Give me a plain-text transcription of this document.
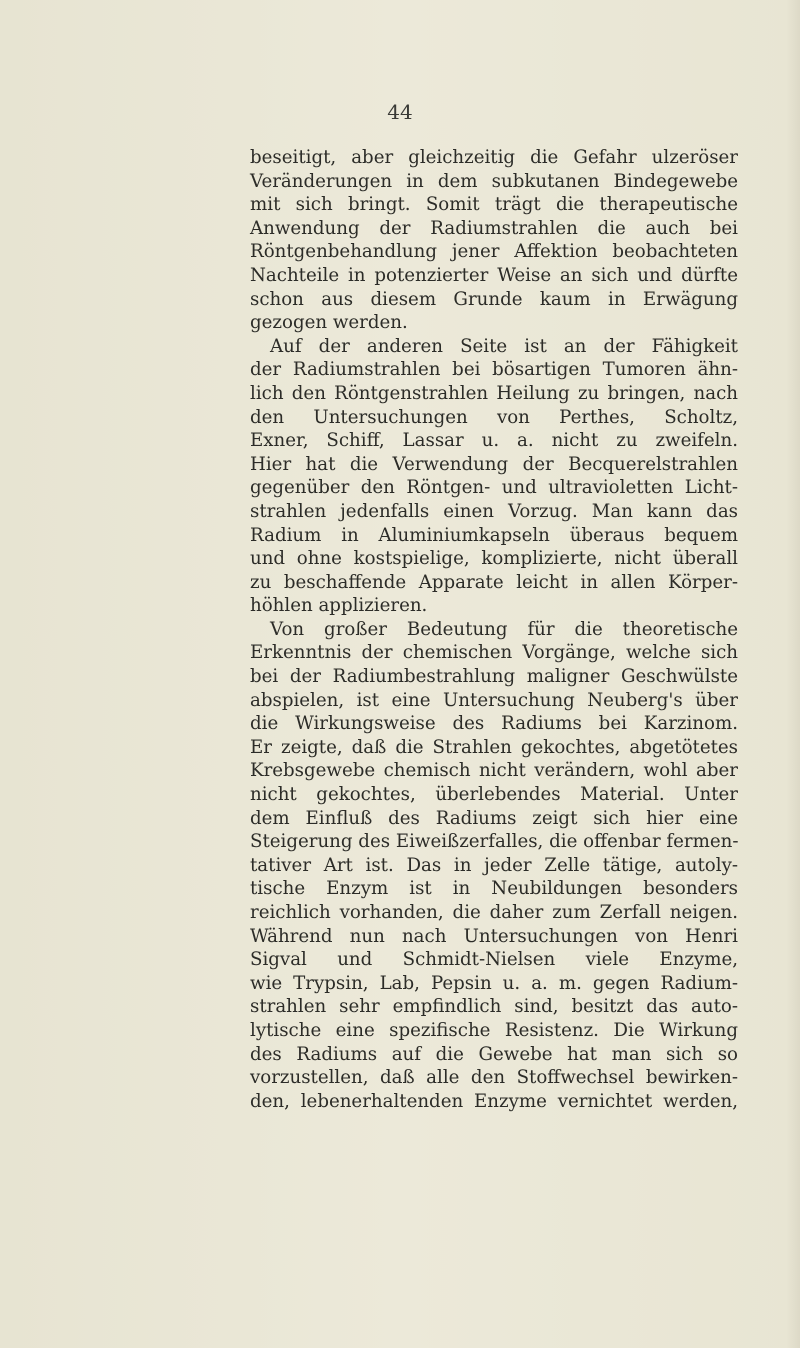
44

beseitigt, aber gleichzeitig die Gefahr ulzeröser
Veränderungen in dem subkutanen Bindegewebe
mit sich bringt. Somit trägt die therapeutische
Anwendung der Radiumstrahlen die auch bei
Röntgenbehandlung jener Affektion beobachteten
Nachteile in potenzierter Weise an sich und dürfte
schon aus diesem Grunde kaum in Erwägung
gezogen werden.
Auf der anderen Seite ist an der Fähigkeit
der Radiumstrahlen bei bösartigen Tumoren ähn-
lich den Röntgenstrahlen Heilung zu bringen, nach
den Untersuchungen von Perthes, Scholtz,
Exner, Schiff, Lassar u. a. nicht zu zweifeln.
Hier hat die Verwendung der Becquerelstrahlen
gegenüber den Röntgen- und ultravioletten Licht-
strahlen jedenfalls einen Vorzug. Man kann das
Radium in Aluminiumkapseln überaus bequem
und ohne kostspielige, komplizierte, nicht überall
zu beschaffende Apparate leicht in allen Körper-
höhlen applizieren.
Von großer Bedeutung für die theoretische
Erkenntnis der chemischen Vorgänge, welche sich
bei der Radiumbestrahlung maligner Geschwülste
abspielen, ist eine Untersuchung Neuberg's über
die Wirkungsweise des Radiums bei Karzinom.
Er zeigte, daß die Strahlen gekochtes, abgetötetes
Krebsgewebe chemisch nicht verändern, wohl aber
nicht gekochtes, überlebendes Material. Unter
dem Einfluß des Radiums zeigt sich hier eine
Steigerung des Eiweißzerfalles, die offenbar fermen-
tativer Art ist. Das in jeder Zelle tätige, autoly-
tische Enzym ist in Neubildungen besonders
reichlich vorhanden, die daher zum Zerfall neigen.
Während nun nach Untersuchungen von Henri
Sigval und Schmidt-Nielsen viele Enzyme,
wie Trypsin, Lab, Pepsin u. a. m. gegen Radium-
strahlen sehr empfindlich sind, besitzt das auto-
lytische eine spezifische Resistenz. Die Wirkung
des Radiums auf die Gewebe hat man sich so
vorzustellen, daß alle den Stoffwechsel bewirken-
den, lebenerhaltenden Enzyme vernichtet werden,
